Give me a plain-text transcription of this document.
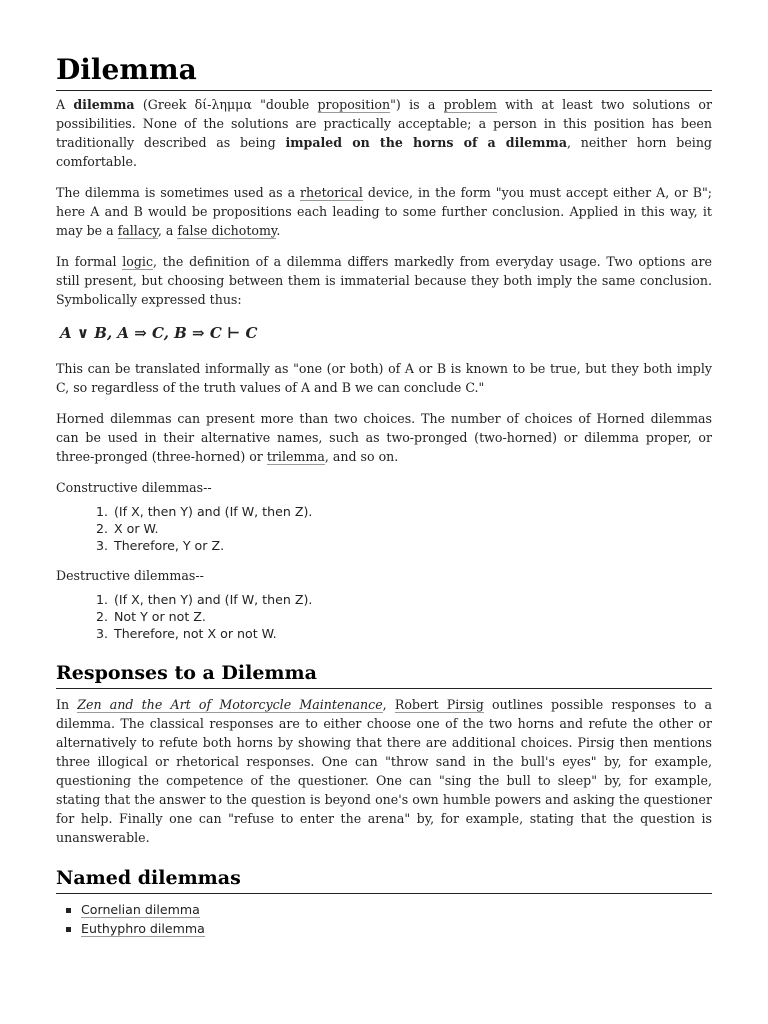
Dilemma

A dilemma (Greek δί-λημμα "double proposition") is a problem with at least two solutions or possibilities. None of the solutions are practically acceptable; a person in this position has been traditionally described as being impaled on the horns of a dilemma, neither horn being comfortable.

The dilemma is sometimes used as a rhetorical device, in the form "you must accept either A, or B"; here A and B would be propositions each leading to some further conclusion. Applied in this way, it may be a fallacy, a false dichotomy.

In formal logic, the definition of a dilemma differs markedly from everyday usage. Two options are still present, but choosing between them is immaterial because they both imply the same conclusion. Symbolically expressed thus:

A ∨ B, A ⇒ C, B ⇒ C ⊢ C

This can be translated informally as "one (or both) of A or B is known to be true, but they both imply C, so regardless of the truth values of A and B we can conclude C."

Horned dilemmas can present more than two choices. The number of choices of Horned dilemmas can be used in their alternative names, such as two-pronged (two-horned) or dilemma proper, or three-pronged (three-horned) or trilemma, and so on.

Constructive dilemmas--

1. (If X, then Y) and (If W, then Z).
2. X or W.
3. Therefore, Y or Z.

Destructive dilemmas--

1. (If X, then Y) and (If W, then Z).
2. Not Y or not Z.
3. Therefore, not X or not W.
Responses to a Dilemma

In Zen and the Art of Motorcycle Maintenance, Robert Pirsig outlines possible responses to a dilemma. The classical responses are to either choose one of the two horns and refute the other or alternatively to refute both horns by showing that there are additional choices. Pirsig then mentions three illogical or rhetorical responses. One can "throw sand in the bull's eyes" by, for example, questioning the competence of the questioner. One can "sing the bull to sleep" by, for example, stating that the answer to the question is beyond one's own humble powers and asking the questioner for help. Finally one can "refuse to enter the arena" by, for example, stating that the question is unanswerable.

Named dilemmas
Cornelian dilemma
Euthyphro dilemma
